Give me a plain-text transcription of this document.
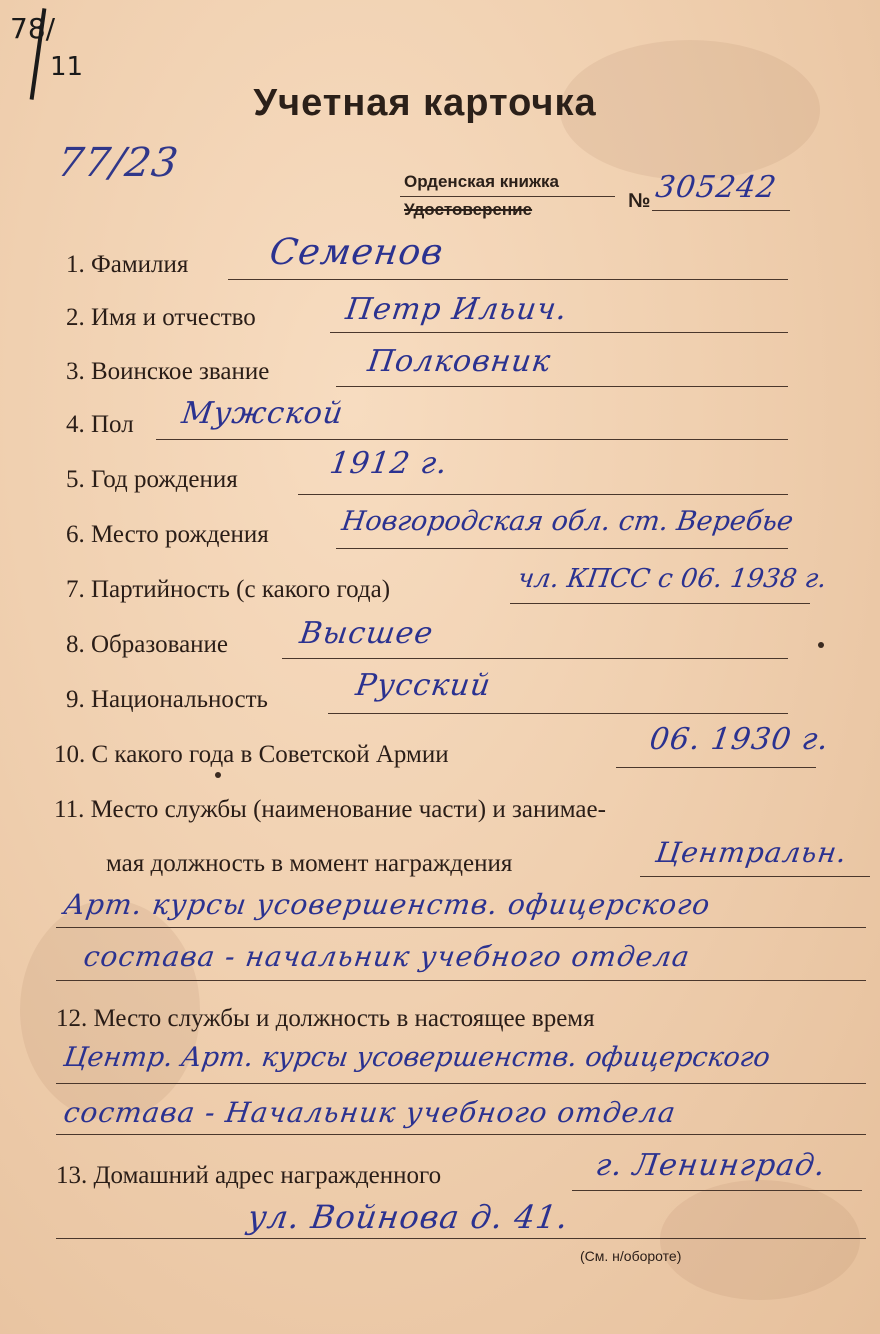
78/
11
Учетная карточка
77/23	Орденская книжка
Удостоверение	№ 305242
1. Фамилия Семенов
2. Имя и отчество	Петр Ильич.
3. Воинское звание	Полковник
4. Пол Мужской
5. Год рождения	1912 г.
6. Место рождения	Новгородская обл. ст. Веребье
7. Партийность (с какого года)	чл. КПСС с 06. 1938 г.
8. Образование Высшее
9. Национальность	Русский
10. С какого года в Советской Армии	06. 1930 г.
11. Место службы (наименование части) и занимае-
мая должность в момент награждения	Центральн.
Арт. курсы усовершенств. офицерского
состава - начальник учебного отдела
12. Место службы и должность в настоящее время
Центр. Арт. курсы усовершенств. офицерского
состава - Начальник учебного отдела
13. Домашний адрес награжденного	г. Ленинград.
ул. Войнова д. 41.
(См. н/обороте)
